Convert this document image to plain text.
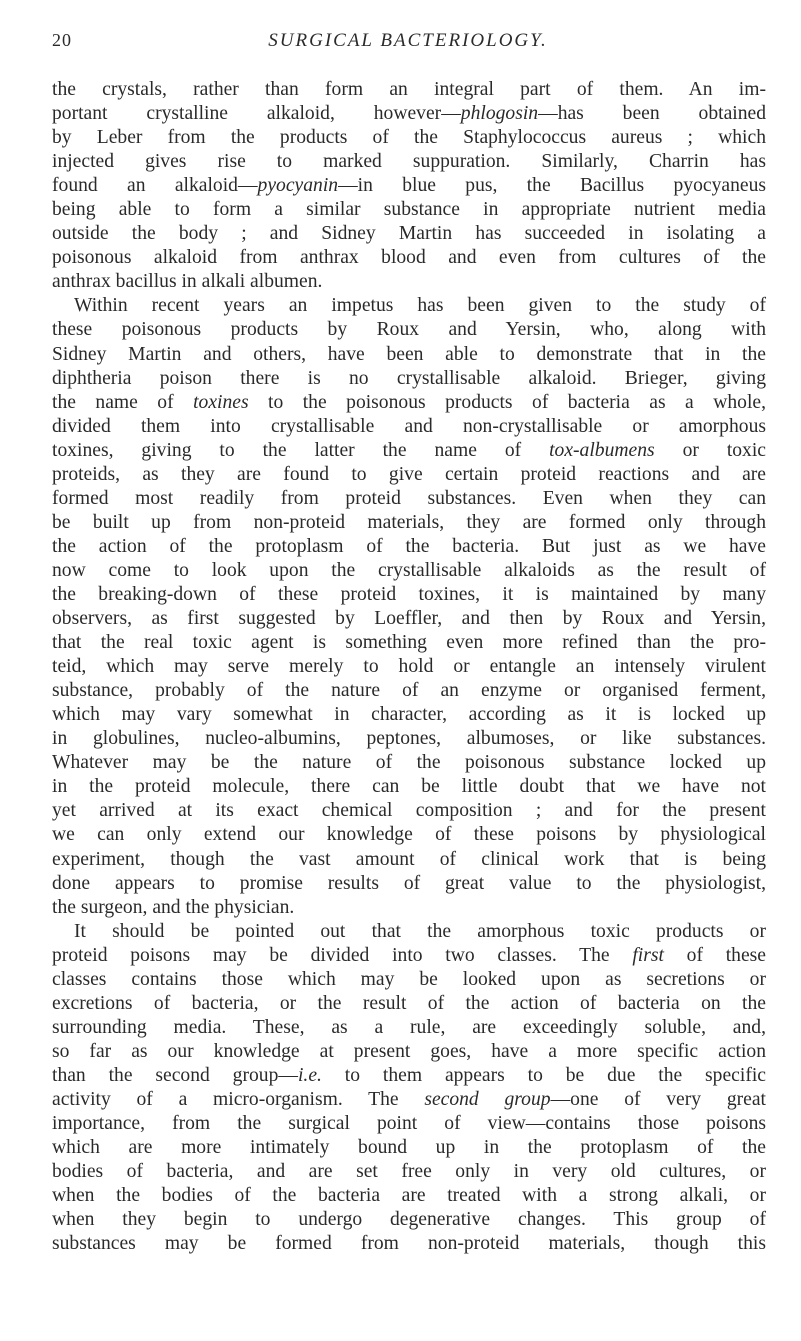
20	SURGICAL BACTERIOLOGY.
the crystals, rather than form an integral part of them. An im-
portant crystalline alkaloid, however—phlogosin—has been obtained
by Leber from the products of the Staphylococcus aureus ; which
injected gives rise to marked suppuration. Similarly, Charrin has
found an alkaloid—pyocyanin—in blue pus, the Bacillus pyocyaneus
being able to form a similar substance in appropriate nutrient media
outside the body ; and Sidney Martin has succeeded in isolating a
poisonous alkaloid from anthrax blood and even from cultures of the
anthrax bacillus in alkali albumen.
Within recent years an impetus has been given to the study of
these poisonous products by Roux and Yersin, who, along with
Sidney Martin and others, have been able to demonstrate that in the
diphtheria poison there is no crystallisable alkaloid. Brieger, giving
the name of toxines to the poisonous products of bacteria as a whole,
divided them into crystallisable and non-crystallisable or amorphous
toxines, giving to the latter the name of tox-albumens or toxic
proteids, as they are found to give certain proteid reactions and are
formed most readily from proteid substances. Even when they can
be built up from non-proteid materials, they are formed only through
the action of the protoplasm of the bacteria. But just as we have
now come to look upon the crystallisable alkaloids as the result of
the breaking-down of these proteid toxines, it is maintained by many
observers, as first suggested by Loeffler, and then by Roux and Yersin,
that the real toxic agent is something even more refined than the pro-
teid, which may serve merely to hold or entangle an intensely virulent
substance, probably of the nature of an enzyme or organised ferment,
which may vary somewhat in character, according as it is locked up
in globulines, nucleo-albumins, peptones, albumoses, or like substances.
Whatever may be the nature of the poisonous substance locked up
in the proteid molecule, there can be little doubt that we have not
yet arrived at its exact chemical composition ; and for the present
we can only extend our knowledge of these poisons by physiological
experiment, though the vast amount of clinical work that is being
done appears to promise results of great value to the physiologist,
the surgeon, and the physician.
It should be pointed out that the amorphous toxic products or
proteid poisons may be divided into two classes. The first of these
classes contains those which may be looked upon as secretions or
excretions of bacteria, or the result of the action of bacteria on the
surrounding media. These, as a rule, are exceedingly soluble, and,
so far as our knowledge at present goes, have a more specific action
than the second group—i.e. to them appears to be due the specific
activity of a micro-organism. The second group—one of very great
importance, from the surgical point of view—contains those poisons
which are more intimately bound up in the protoplasm of the
bodies of bacteria, and are set free only in very old cultures, or
when the bodies of the bacteria are treated with a strong alkali, or
when they begin to undergo degenerative changes. This group of
substances may be formed from non-proteid materials, though this
